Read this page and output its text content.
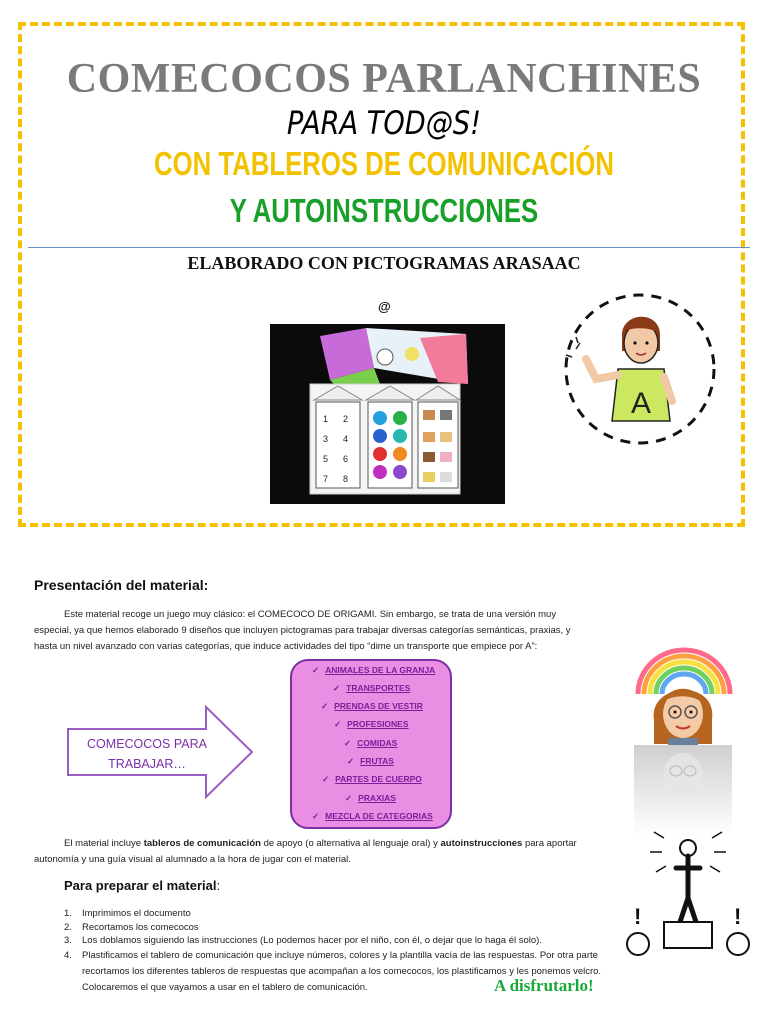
COMECOCOS PARLANCHINES
PARA TOD@S!
CON TABLEROS DE COMUNICACIÓN
Y AUTOINSTRUCCIONES
ELABORADO CON PICTOGRAMAS ARASAAC
@
1 2
3 4
5 6
7 8
A
Presentación del material:
Este material recoge un juego muy clásico: el COMECOCO DE ORIGAMI. Sin embargo, se trata de una versión muy especial, ya que hemos elaborado 9 diseños que incluyen pictogramas para trabajar diversas categorías semánticas, praxias, y hasta un nivel avanzado con varias categorías, que induce actividades del tipo “dime un transporte que empiece por A”:
COMECOCOS PARA
TRABAJAR…
✓ ANIMALES DE LA GRANJA
✓ TRANSPORTES
✓ PRENDAS DE VESTIR
✓ PROFESIONES
✓ COMIDAS
✓ FRUTAS
✓ PARTES DE CUERPO
✓ PRAXIAS
✓ MEZCLA DE CATEGORIAS
El material incluye tableros de comunicación de apoyo (o alternativa al lenguaje oral) y autoinstrucciones para aportar autonomía y una guía visual al alumnado a la hora de jugar con el material.
Para preparar el material:
1. Imprimimos el documento
2. Recortamos los comecocos
3. Los doblamos siguiendo las instrucciones (Lo podemos hacer por el niño, con él, o dejar que lo haga él solo).
4. Plastificamos el tablero de comunicación que incluye números, colores y la plantilla vacía de las respuestas. Por otra parte recortamos los diferentes tableros de respuestas que acompañan a los comecocos, los plastificamos y les ponemos velcro. Colocaremos el que vayamos a usar en el tablero de comunicación.	A disfrutarlo!
!	!
